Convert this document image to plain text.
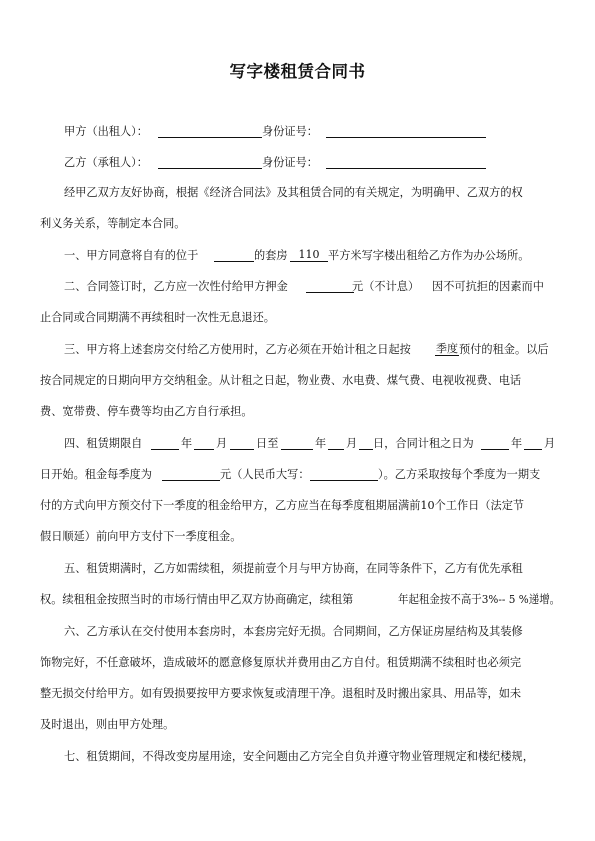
写字楼租赁合同书
甲方（出租人）：	身份证号：
乙方（承租人）：	身份证号：
经甲乙双方友好协商，根据《经济合同法》及其租赁合同的有关规定，为明确甲、乙双方的权
利义务关系，等制定本合同。
一、甲方同意将自有的位于	的套房 110 平方米写字楼出租给乙方作为办公场所。
二、合同签订时，乙方应一次性付给甲方押金	元（不计息） 因不可抗拒的因素而中
止合同或合同期满不再续租时一次性无息退还。
三、甲方将上述套房交付给乙方使用时，乙方必须在开始计租之日起按 季度 预付的租金。以后
按合同规定的日期向甲方交纳租金。从计租之日起，物业费、水电费、煤气费、电视收视费、电话
费、宽带费、停车费等均由乙方自行承担。
四、租赁期限自	年 月	日至	年 月 日，合同计租之日为	年 月
日开始。租金每季度为	元（人民币大写：	）。乙方采取按每个季度为一期支
付的方式向甲方预交付下一季度的租金给甲方，乙方应当在每季度租期届满前10个工作日（法定节
假日顺延）前向甲方支付下一季度租金。
五、租赁期满时，乙方如需续租，须提前壹个月与甲方协商，在同等条件下，乙方有优先承租
权。续租租金按照当时的市场行情由甲乙双方协商确定，续租第	年起租金按不高于3%-- 5 %递增。
六、乙方承认在交付使用本套房时，本套房完好无损。合同期间，乙方保证房屋结构及其装修
饰物完好，不任意破坏，造成破坏的愿意修复原状并费用由乙方自付。租赁期满不续租时也必须完
整无损交付给甲方。如有毁损要按甲方要求恢复或清理干净。退租时及时搬出家具、用品等，如未
及时退出，则由甲方处理。
七、租赁期间，不得改变房屋用途，安全问题由乙方完全自负并遵守物业管理规定和楼纪楼规，
